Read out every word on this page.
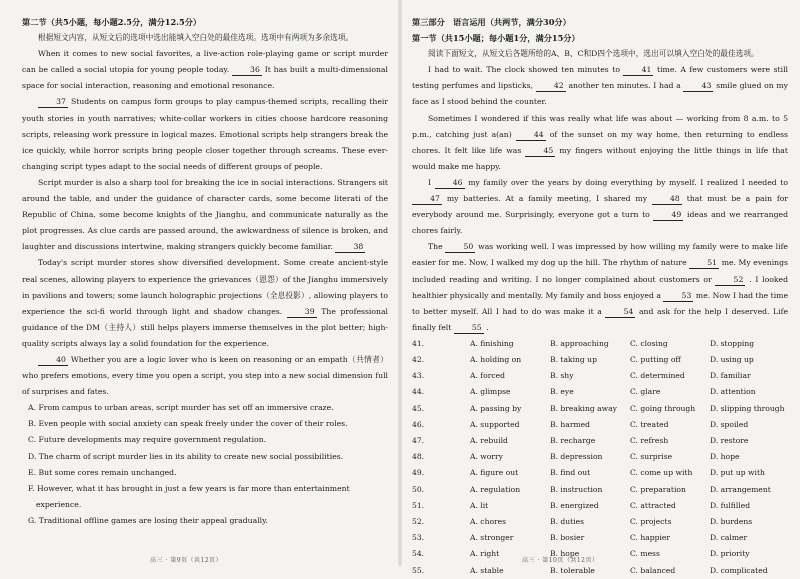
第二节（共5小题，每小题2.5分，满分12.5分）

根据短文内容，从短文后的选项中选出能填入空白处的最佳选项。选项中有两项为多余选项。

When it comes to new social favorites, a live-action role-playing game or script murder can be called a social utopia for young people today.	36 It has built a multi-dimensional space for social interaction, reasoning and emotional resonance.

37 Students on campus form groups to play campus-themed scripts, recalling their youth stories in youth narratives; white-collar workers in cities choose hardcore reasoning scripts, releasing work pressure in logical mazes. Emotional scripts help strangers break the ice quickly, while horror scripts bring people closer together through screams. These ever-changing script types adapt to the social needs of different groups of people.

Script murder is also a sharp tool for breaking the ice in social interactions. Strangers sit around the table, and under the guidance of character cards, some become literati of the Republic of China, some become knights of the Jianghu, and communicate naturally as the plot progresses. As clue cards are passed around, the awkwardness of silence is broken, and laughter and discussions intertwine, making strangers quickly become familiar.	38

Today's script murder stores show diversified development. Some create ancient-style real scenes, allowing players to experience the grievances（恩怨）of the Jianghu immersively in pavilions and towers; some launch holographic projections（全息投影）, allowing players to experience the sci-fi world through light and shadow changes.	39 The professional guidance of the DM（主持人）still helps players immerse themselves in the plot better; high-quality scripts always lay a solid foundation for the experience.

40 Whether you are a logic lover who is keen on reasoning or an empath（共情者）who prefers emotions, every time you open a script, you step into a new social dimension full of surprises and fates.

A. From campus to urban areas, script murder has set off an immersive craze.

B. Even people with social anxiety can speak freely under the cover of their roles.

C. Future developments may require government regulation.

D. The charm of script murder lies in its ability to create new social possibilities.

E. But some cores remain unchanged.

F. However, what it has brought in just a few years is far more than entertainment experience.

G. Traditional offline games are losing their appeal gradually.

高三 · 第9页（共12页）
第三部分　语言运用（共两节，满分30分）
第一节（共15小题；每小题1分，满分15分）

阅读下面短文，从短文后各题所给的A、B、C和D四个选项中，选出可以填入空白处的最佳选项。

I had to wait. The clock showed ten minutes to	41 time. A few customers were still testing perfumes and lipsticks,	42 another ten minutes. I had a	43 smile glued on my face as I stood behind the counter.

Sometimes I wondered if this was really what life was about — working from 8 a.m. to 5 p.m., catching just a(an)	44 of the sunset on my way home, then returning to endless chores. It felt like life was	45 my fingers without enjoying the little things in life that would make me happy.

I	46 my family over the years by doing everything by myself. I realized I needed to 47 my batteries. At a family meeting, I shared my	48 that must be a pain for everybody around me. Surprisingly, everyone got a turn to	49 ideas and we rearranged chores fairly.

The	50 was working well. I was impressed by how willing my family were to make life easier for me. Now, I walked my dog up the hill. The rhythm of nature	51 me. My evenings included reading and writing. I no longer complained about customers or	52 . I looked healthier physically and mentally. My family and boss enjoyed a	53 me. Now I had the time to better myself. All I had to do was make it a	54 and ask for the help I deserved. Life finally felt	55 .

41.	A. finishing	B. approaching	C. closing	D. stopping
42.	A. holding on	B. taking up	C. putting off	D. using up
43.	A. forced	B. shy	C. determined	D. familiar
44.	A. glimpse	B. eye	C. glare	D. attention
45.	A. passing by	B. breaking away	C. going through	D. slipping through
46.	A. supported	B. harmed	C. treated	D. spoiled
47.	A. rebuild	B. recharge	C. refresh	D. restore
48.	A. worry	B. depression	C. surprise	D. hope
49.	A. figure out	B. find out	C. come up with	D. put up with
50.	A. regulation	B. instruction	C. preparation	D. arrangement
51.	A. lit	B. energized	C. attracted	D. fulfilled
52.	A. chores	B. duties	C. projects	D. burdens
53.	A. stronger	B. bosier	C. happier	D. calmer
54.	A. right	B. hope	C. mess	D. priority
55.	A. stable	B. tolerable	C. balanced	D. complicated
高三 · 第10页（共12页）
